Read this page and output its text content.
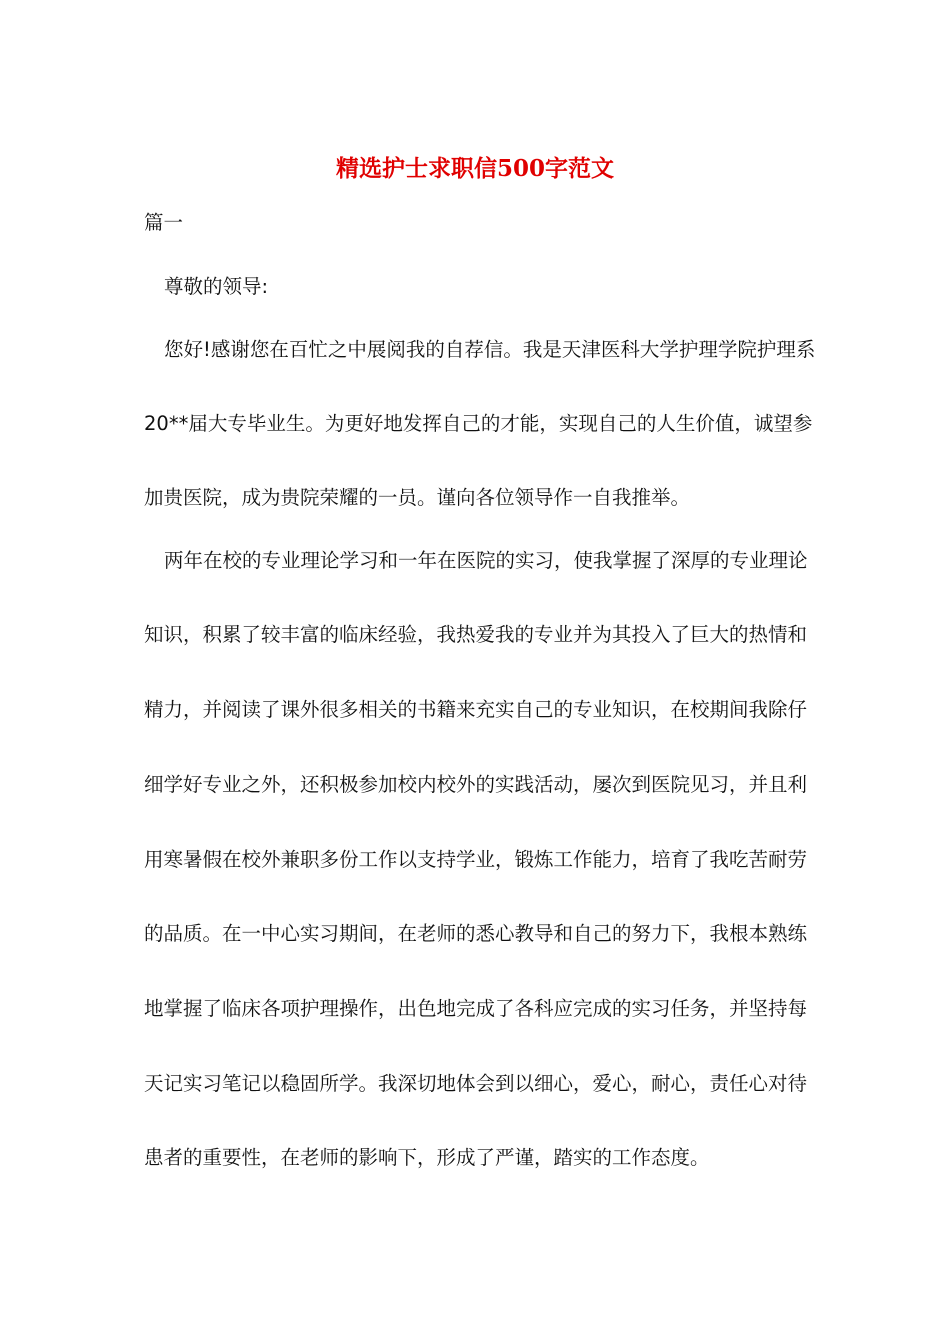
精选护士求职信500字范文
篇一
尊敬的领导:
您好!感谢您在百忙之中展阅我的自荐信。我是天津医科大学护理学院护理系
20**届大专毕业生。为更好地发挥自己的才能，实现自己的人生价值，诚望参
加贵医院，成为贵院荣耀的一员。谨向各位领导作一自我推举。
两年在校的专业理论学习和一年在医院的实习，使我掌握了深厚的专业理论
知识，积累了较丰富的临床经验，我热爱我的专业并为其投入了巨大的热情和
精力，并阅读了课外很多相关的书籍来充实自己的专业知识，在校期间我除仔
细学好专业之外，还积极参加校内校外的实践活动，屡次到医院见习，并且利
用寒暑假在校外兼职多份工作以支持学业，锻炼工作能力，培育了我吃苦耐劳
的品质。在一中心实习期间，在老师的悉心教导和自己的努力下，我根本熟练
地掌握了临床各项护理操作，出色地完成了各科应完成的实习任务，并坚持每
天记实习笔记以稳固所学。我深切地体会到以细心，爱心，耐心，责任心对待
患者的重要性，在老师的影响下，形成了严谨，踏实的工作态度。
